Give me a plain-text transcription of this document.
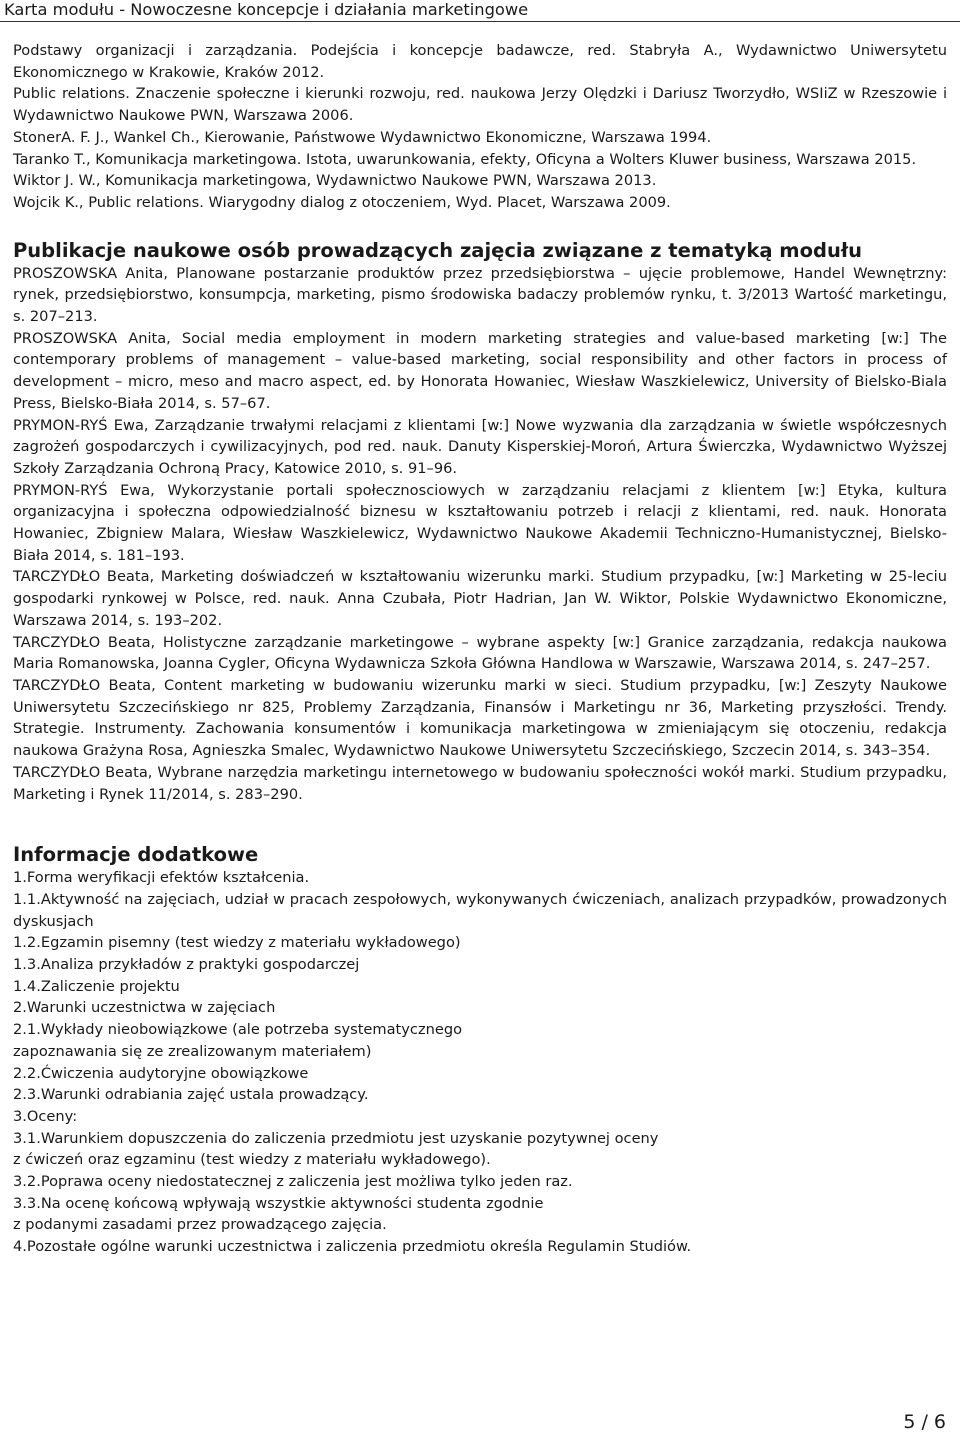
Karta modułu - Nowoczesne koncepcje i działania marketingowe

Podstawy organizacji i zarządzania. Podejścia i koncepcje badawcze, red. Stabryła A., Wydawnictwo Uniwersytetu Ekonomicznego w Krakowie, Kraków 2012.

Public relations. Znaczenie społeczne i kierunki rozwoju, red. naukowa Jerzy Olędzki i Dariusz Tworzydło, WSIiZ w Rzeszowie i Wydawnictwo Naukowe PWN, Warszawa 2006.

StonerA. F. J., Wankel Ch., Kierowanie, Państwowe Wydawnictwo Ekonomiczne, Warszawa 1994.

Taranko T., Komunikacja marketingowa. Istota, uwarunkowania, efekty, Oficyna a Wolters Kluwer business, Warszawa 2015.

Wiktor J. W., Komunikacja marketingowa, Wydawnictwo Naukowe PWN, Warszawa 2013.

Wojcik K., Public relations. Wiarygodny dialog z otoczeniem, Wyd. Placet, Warszawa 2009.

Publikacje naukowe osób prowadzących zajęcia związane z tematyką modułu

PROSZOWSKA Anita, Planowane postarzanie produktów przez przedsiębiorstwa – ujęcie problemowe, Handel Wewnętrzny: rynek, przedsiębiorstwo, konsumpcja, marketing, pismo środowiska badaczy problemów rynku, t. 3/2013 Wartość marketingu, s. 207–213.

PROSZOWSKA Anita, Social media employment in modern marketing strategies and value-based marketing [w:] The contemporary problems of management – value-based marketing, social responsibility and other factors in process of development – micro, meso and macro aspect, ed. by Honorata Howaniec, Wiesław Waszkielewicz, University of Bielsko-Biala Press, Bielsko-Biała 2014, s. 57–67.

PRYMON-RYŚ Ewa, Zarządzanie trwałymi relacjami z klientami [w:] Nowe wyzwania dla zarządzania w świetle współczesnych zagrożeń gospodarczych i cywilizacyjnych, pod red. nauk. Danuty Kisperskiej-Moroń, Artura Świerczka, Wydawnictwo Wyższej Szkoły Zarządzania Ochroną Pracy, Katowice 2010, s. 91–96.

PRYMON-RYŚ Ewa, Wykorzystanie portali społecznosciowych w zarządzaniu relacjami z klientem [w:] Etyka, kultura organizacyjna i społeczna odpowiedzialność biznesu w kształtowaniu potrzeb i relacji z klientami, red. nauk. Honorata Howaniec, Zbigniew Malara, Wiesław Waszkielewicz, Wydawnictwo Naukowe Akademii Techniczno-Humanistycznej, Bielsko-Biała 2014, s. 181–193.

TARCZYDŁO Beata, Marketing doświadczeń w kształtowaniu wizerunku marki. Studium przypadku, [w:] Marketing w 25-leciu gospodarki rynkowej w Polsce, red. nauk. Anna Czubała, Piotr Hadrian, Jan W. Wiktor, Polskie Wydawnictwo Ekonomiczne, Warszawa 2014, s. 193–202.

TARCZYDŁO Beata, Holistyczne zarządzanie marketingowe – wybrane aspekty [w:] Granice zarządzania, redakcja naukowa Maria Romanowska, Joanna Cygler, Oficyna Wydawnicza Szkoła Główna Handlowa w Warszawie, Warszawa 2014, s. 247–257.

TARCZYDŁO Beata, Content marketing w budowaniu wizerunku marki w sieci. Studium przypadku, [w:] Zeszyty Naukowe Uniwersytetu Szczecińskiego nr 825, Problemy Zarządzania, Finansów i Marketingu nr 36, Marketing przyszłości. Trendy. Strategie. Instrumenty. Zachowania konsumentów i komunikacja marketingowa w zmieniającym się otoczeniu, redakcja naukowa Grażyna Rosa, Agnieszka Smalec, Wydawnictwo Naukowe Uniwersytetu Szczecińskiego, Szczecin 2014, s. 343–354.

TARCZYDŁO Beata, Wybrane narzędzia marketingu internetowego w budowaniu społeczności wokół marki. Studium przypadku, Marketing i Rynek 11/2014, s. 283–290.

Informacje dodatkowe

1.Forma weryfikacji efektów kształcenia.

1.1.Aktywność na zajęciach, udział w pracach zespołowych, wykonywanych ćwiczeniach, analizach przypadków, prowadzonych dyskusjach

1.2.Egzamin pisemny (test wiedzy z materiału wykładowego)

1.3.Analiza przykładów z praktyki gospodarczej

1.4.Zaliczenie projektu

2.Warunki uczestnictwa w zajęciach

2.1.Wykłady nieobowiązkowe (ale potrzeba systematycznego

zapoznawania się ze zrealizowanym materiałem)

2.2.Ćwiczenia audytoryjne obowiązkowe

2.3.Warunki odrabiania zajęć ustala prowadzący.

3.Oceny:

3.1.Warunkiem dopuszczenia do zaliczenia przedmiotu jest uzyskanie pozytywnej oceny

z ćwiczeń oraz egzaminu (test wiedzy z materiału wykładowego).

3.2.Poprawa oceny niedostatecznej z zaliczenia jest możliwa tylko jeden raz.

3.3.Na ocenę końcową wpływają wszystkie aktywności studenta zgodnie

z podanymi zasadami przez prowadzącego zajęcia.

4.Pozostałe ogólne warunki uczestnictwa i zaliczenia przedmiotu określa Regulamin Studiów.

5 / 6
